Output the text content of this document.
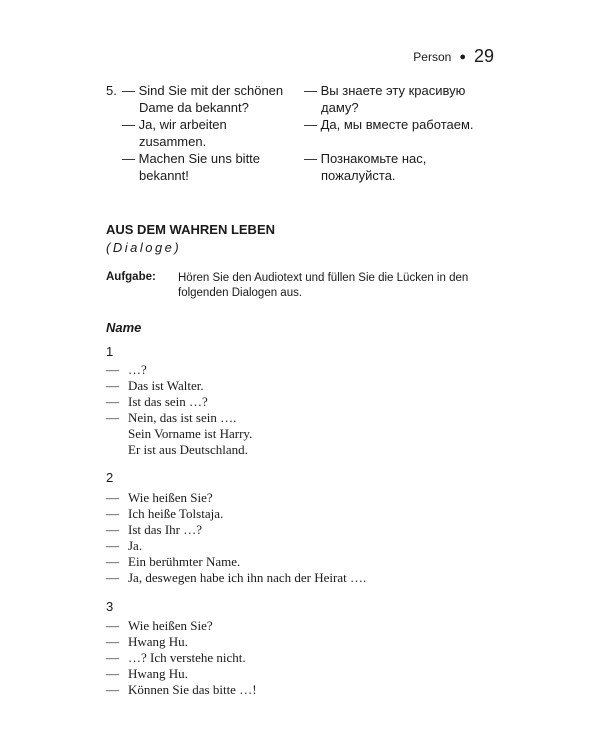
Person ● 29
5. — Sind Sie mit der schönen
Dame da bekannt?
— Ja, wir arbeiten
zusammen.
— Machen Sie uns bitte
bekannt!
— Вы знаете эту красивую
даму?
— Да, мы вместе работаем.
— Познакомьте нас,
пожалуйста.
AUS DEM WAHREN LEBEN
(Dialoge)
Aufgabe: Hören Sie den Audiotext und füllen Sie die Lücken in den folgenden Dialogen aus.
Name
1
— …?
— Das ist Walter.
— Ist das sein …?
— Nein, das ist sein ….
Sein Vorname ist Harry.
Er ist aus Deutschland.
2
— Wie heißen Sie?
— Ich heiße Tolstaja.
— Ist das Ihr …?
— Ja.
— Ein berühmter Name.
— Ja, deswegen habe ich ihn nach der Heirat ….
3
— Wie heißen Sie?
— Hwang Hu.
— …? Ich verstehe nicht.
— Hwang Hu.
— Können Sie das bitte …!
